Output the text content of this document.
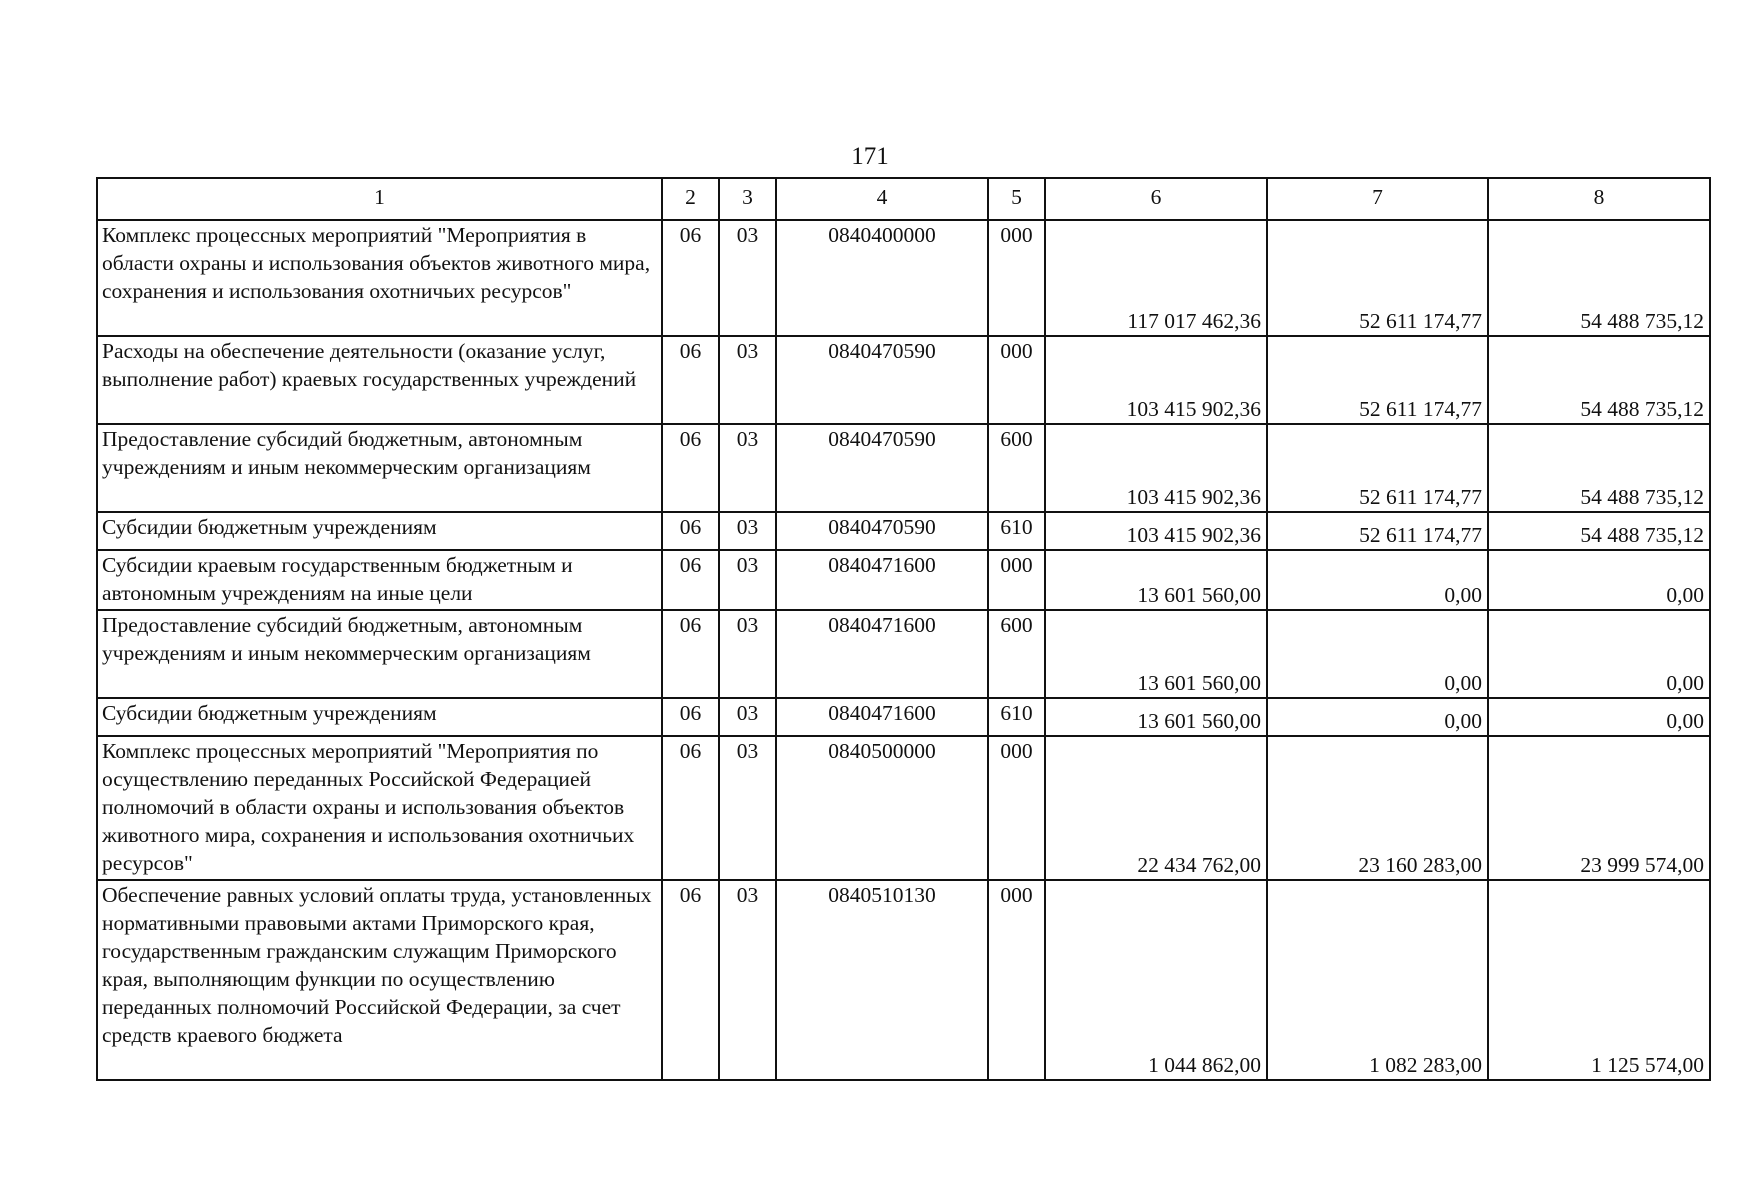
171
1	2	3	4	5	6	7	8
Комплекс процессных мероприятий "Мероприятия в области охраны и использования объектов животного мира, сохранения и использования охотничьих ресурсов"	06	03	0840400000	000	117 017 462,36	52 611 174,77	54 488 735,12
Расходы на обеспечение деятельности (оказание услуг, выполнение работ) краевых государственных учреждений	06	03	0840470590	000	103 415 902,36	52 611 174,77	54 488 735,12
Предоставление субсидий бюджетным, автономным учреждениям и иным некоммерческим организациям	06	03	0840470590	600	103 415 902,36	52 611 174,77	54 488 735,12
Субсидии бюджетным учреждениям	06	03	0840470590	610	103 415 902,36	52 611 174,77	54 488 735,12
Субсидии краевым государственным бюджетным и автономным учреждениям на иные цели	06	03	0840471600	000	13 601 560,00	0,00	0,00
Предоставление субсидий бюджетным, автономным учреждениям и иным некоммерческим организациям	06	03	0840471600	600	13 601 560,00	0,00	0,00
Субсидии бюджетным учреждениям	06	03	0840471600	610	13 601 560,00	0,00	0,00
Комплекс процессных мероприятий "Мероприятия по осуществлению переданных Российской Федерацией полномочий в области охраны и использования объектов животного мира, сохранения и использования охотничьих ресурсов"	06	03	0840500000	000	22 434 762,00	23 160 283,00	23 999 574,00
Обеспечение равных условий оплаты труда, установленных нормативными правовыми актами Приморского края, государственным гражданским служащим Приморского края, выполняющим функции по осуществлению переданных полномочий Российской Федерации, за счет средств краевого бюджета	06	03	0840510130	000	1 044 862,00	1 082 283,00	1 125 574,00
